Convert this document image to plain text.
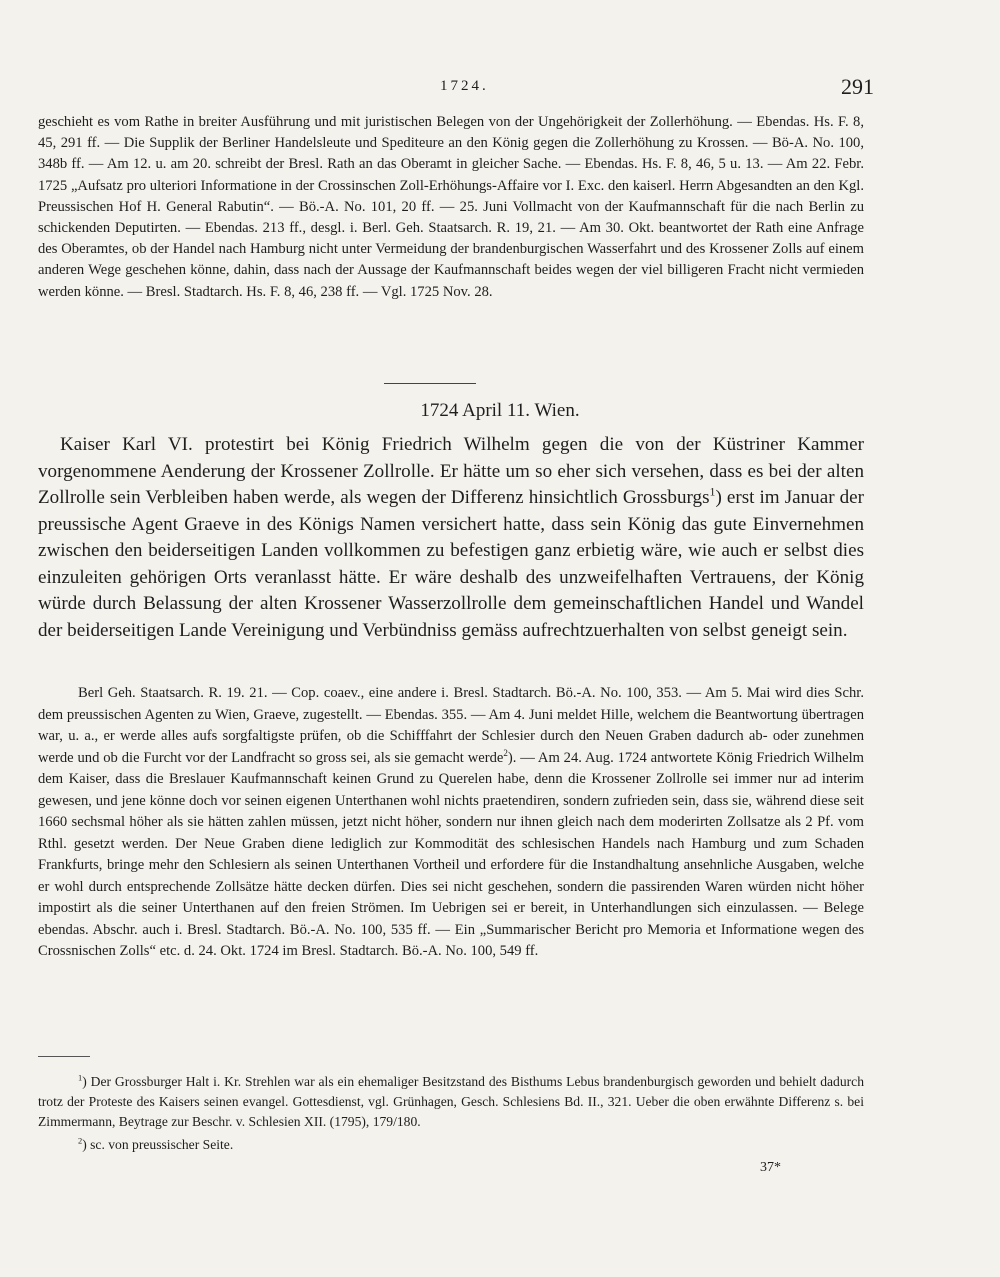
1724.	291

geschieht es vom Rathe in breiter Ausführung und mit juristischen Belegen von der Ungehörigkeit der Zollerhöhung. — Ebendas. Hs. F. 8, 45, 291 ff. — Die Supplik der Berliner Handelsleute und Spediteure an den König gegen die Zollerhöhung zu Krossen. — Bö-A. No. 100, 348b ff. — Am 12. u. am 20. schreibt der Bresl. Rath an das Oberamt in gleicher Sache. — Ebendas. Hs. F. 8, 46, 5 u. 13. — Am 22. Febr. 1725 „Aufsatz pro ulteriori Informatione in der Crossinschen Zoll-Erhöhungs-Affaire vor I. Exc. den kaiserl. Herrn Abgesandten an den Kgl. Preussischen Hof H. General Rabutin“. — Bö.-A. No. 101, 20 ff. — 25. Juni Vollmacht von der Kaufmannschaft für die nach Berlin zu schickenden Deputirten. — Ebendas. 213 ff., desgl. i. Berl. Geh. Staatsarch. R. 19, 21. — Am 30. Okt. beantwortet der Rath eine Anfrage des Oberamtes, ob der Handel nach Hamburg nicht unter Vermeidung der brandenburgischen Wasserfahrt und des Krossener Zolls auf einem anderen Wege geschehen könne, dahin, dass nach der Aussage der Kaufmannschaft beides wegen der viel billigeren Fracht nicht vermieden werden könne. — Bresl. Stadtarch. Hs. F. 8, 46, 238 ff. — Vgl. 1725 Nov. 28.

1724 April 11. Wien.

Kaiser Karl VI. protestirt bei König Friedrich Wilhelm gegen die von der Küstriner Kammer vorgenommene Aenderung der Krossener Zollrolle. Er hätte um so eher sich versehen, dass es bei der alten Zollrolle sein Verbleiben haben werde, als wegen der Differenz hinsichtlich Grossburgs$^1$) erst im Januar der preussische Agent Graeve in des Königs Namen versichert hatte, dass sein König das gute Einvernehmen zwischen den beiderseitigen Landen vollkommen zu befestigen ganz erbietig wäre, wie auch er selbst dies einzuleiten gehörigen Orts veranlasst hätte. Er wäre deshalb des unzweifelhaften Vertrauens, der König würde durch Belassung der alten Krossener Wasserzollrolle dem gemeinschaftlichen Handel und Wandel der beiderseitigen Lande Vereinigung und Verbündniss gemäss aufrechtzuerhalten von selbst geneigt sein.

Berl Geh. Staatsarch. R. 19. 21. — Cop. coaev., eine andere i. Bresl. Stadtarch. Bö.-A. No. 100, 353. — Am 5. Mai wird dies Schr. dem preussischen Agenten zu Wien, Graeve, zugestellt. — Ebendas. 355. — Am 4. Juni meldet Hille, welchem die Beantwortung übertragen war, u. a., er werde alles aufs sorgfaltigste prüfen, ob die Schifffahrt der Schlesier durch den Neuen Graben dadurch ab- oder zunehmen werde und ob die Furcht vor der Landfracht so gross sei, als sie gemacht werde$^2$). — Am 24. Aug. 1724 antwortete König Friedrich Wilhelm dem Kaiser, dass die Breslauer Kaufmannschaft keinen Grund zu Querelen habe, denn die Krossener Zollrolle sei immer nur ad interim gewesen, und jene könne doch vor seinen eigenen Unterthanen wohl nichts praetendiren, sondern zufrieden sein, dass sie, während diese seit 1660 sechsmal höher als sie hätten zahlen müssen, jetzt nicht höher, sondern nur ihnen gleich nach dem moderirten Zollsatze als 2 Pf. vom Rthl. gesetzt werden. Der Neue Graben diene lediglich zur Kommodität des schlesischen Handels nach Hamburg und zum Schaden Frankfurts, bringe mehr den Schlesiern als seinen Unterthanen Vortheil und erfordere für die Instandhaltung ansehnliche Ausgaben, welche er wohl durch entsprechende Zollsätze hätte decken dürfen. Dies sei nicht geschehen, sondern die passirenden Waren würden nicht höher impostirt als die seiner Unterthanen auf den freien Strömen. Im Uebrigen sei er bereit, in Unterhandlungen sich einzulassen. — Belege ebendas. Abschr. auch i. Bresl. Stadtarch. Bö.-A. No. 100, 535 ff. — Ein „Summarischer Bericht pro Memoria et Informatione wegen des Crossnischen Zolls“ etc. d. 24. Okt. 1724 im Bresl. Stadtarch. Bö.-A. No. 100, 549 ff.

$^1$) Der Grossburger Halt i. Kr. Strehlen war als ein ehemaliger Besitzstand des Bisthums Lebus brandenburgisch geworden und behielt dadurch trotz der Proteste des Kaisers seinen evangel. Gottesdienst, vgl. Grünhagen, Gesch. Schlesiens Bd. II., 321. Ueber die oben erwähnte Differenz s. bei Zimmermann, Beytrage zur Beschr. v. Schlesien XII. (1795), 179/180.

$^2$) sc. von preussischer Seite.

37*
